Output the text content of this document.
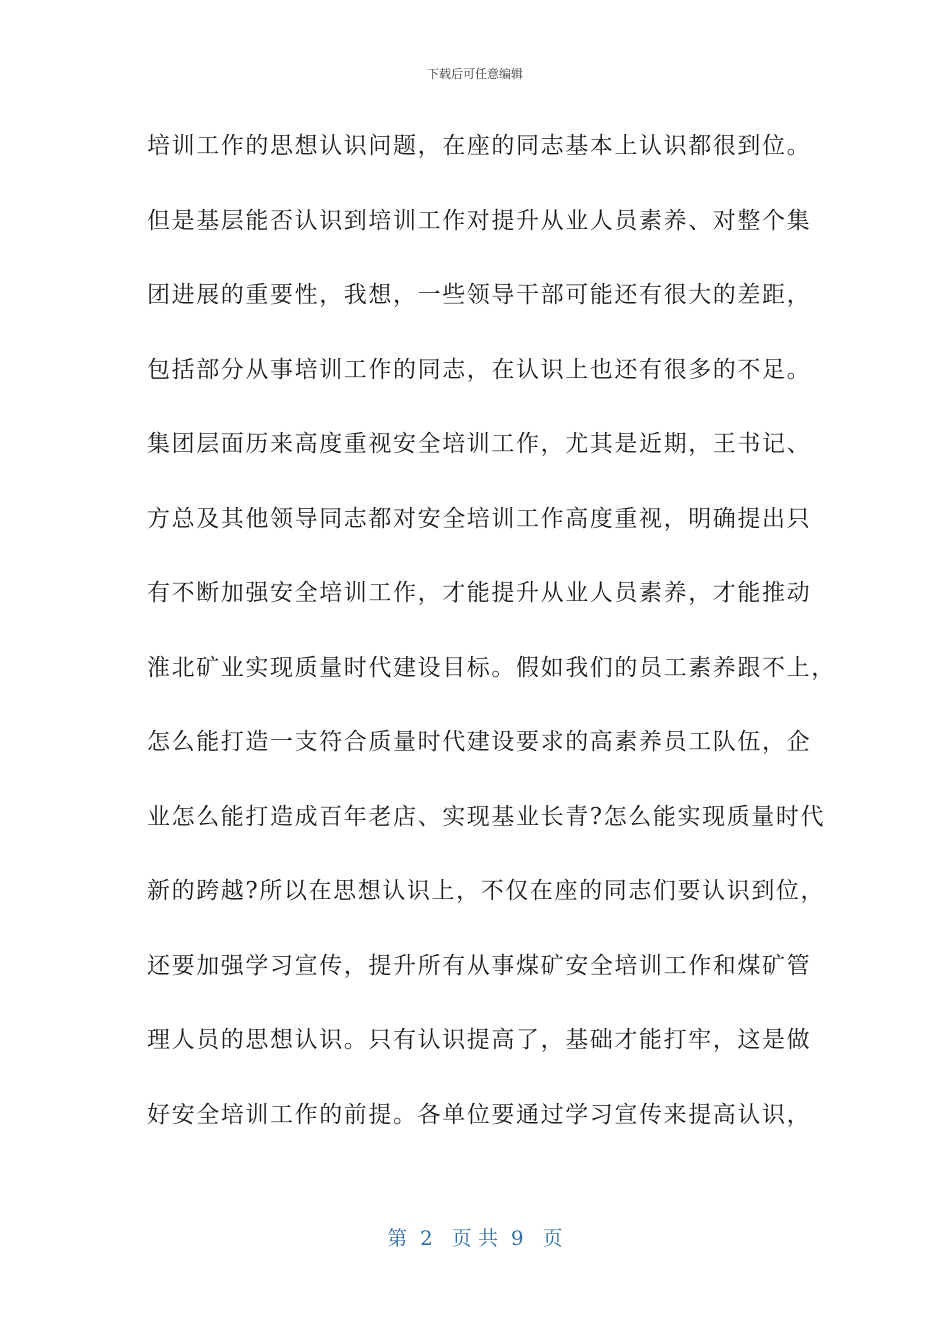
下载后可任意编辑
培训工作的思想认识问题，在座的同志基本上认识都很到位。
但是基层能否认识到培训工作对提升从业人员素养、对整个集
团进展的重要性，我想，一些领导干部可能还有很大的差距，
包括部分从事培训工作的同志，在认识上也还有很多的不足。
集团层面历来高度重视安全培训工作，尤其是近期，王书记、
方总及其他领导同志都对安全培训工作高度重视，明确提出只
有不断加强安全培训工作，才能提升从业人员素养，才能推动
淮北矿业实现质量时代建设目标。假如我们的员工素养跟不上，
怎么能打造一支符合质量时代建设要求的高素养员工队伍，企
业怎么能打造成百年老店、实现基业长青?怎么能实现质量时代
新的跨越?所以在思想认识上，不仅在座的同志们要认识到位，
还要加强学习宣传，提升所有从事煤矿安全培训工作和煤矿管
理人员的思想认识。只有认识提高了，基础才能打牢，这是做
好安全培训工作的前提。各单位要通过学习宣传来提高认识，
第  2   页 共  9   页
